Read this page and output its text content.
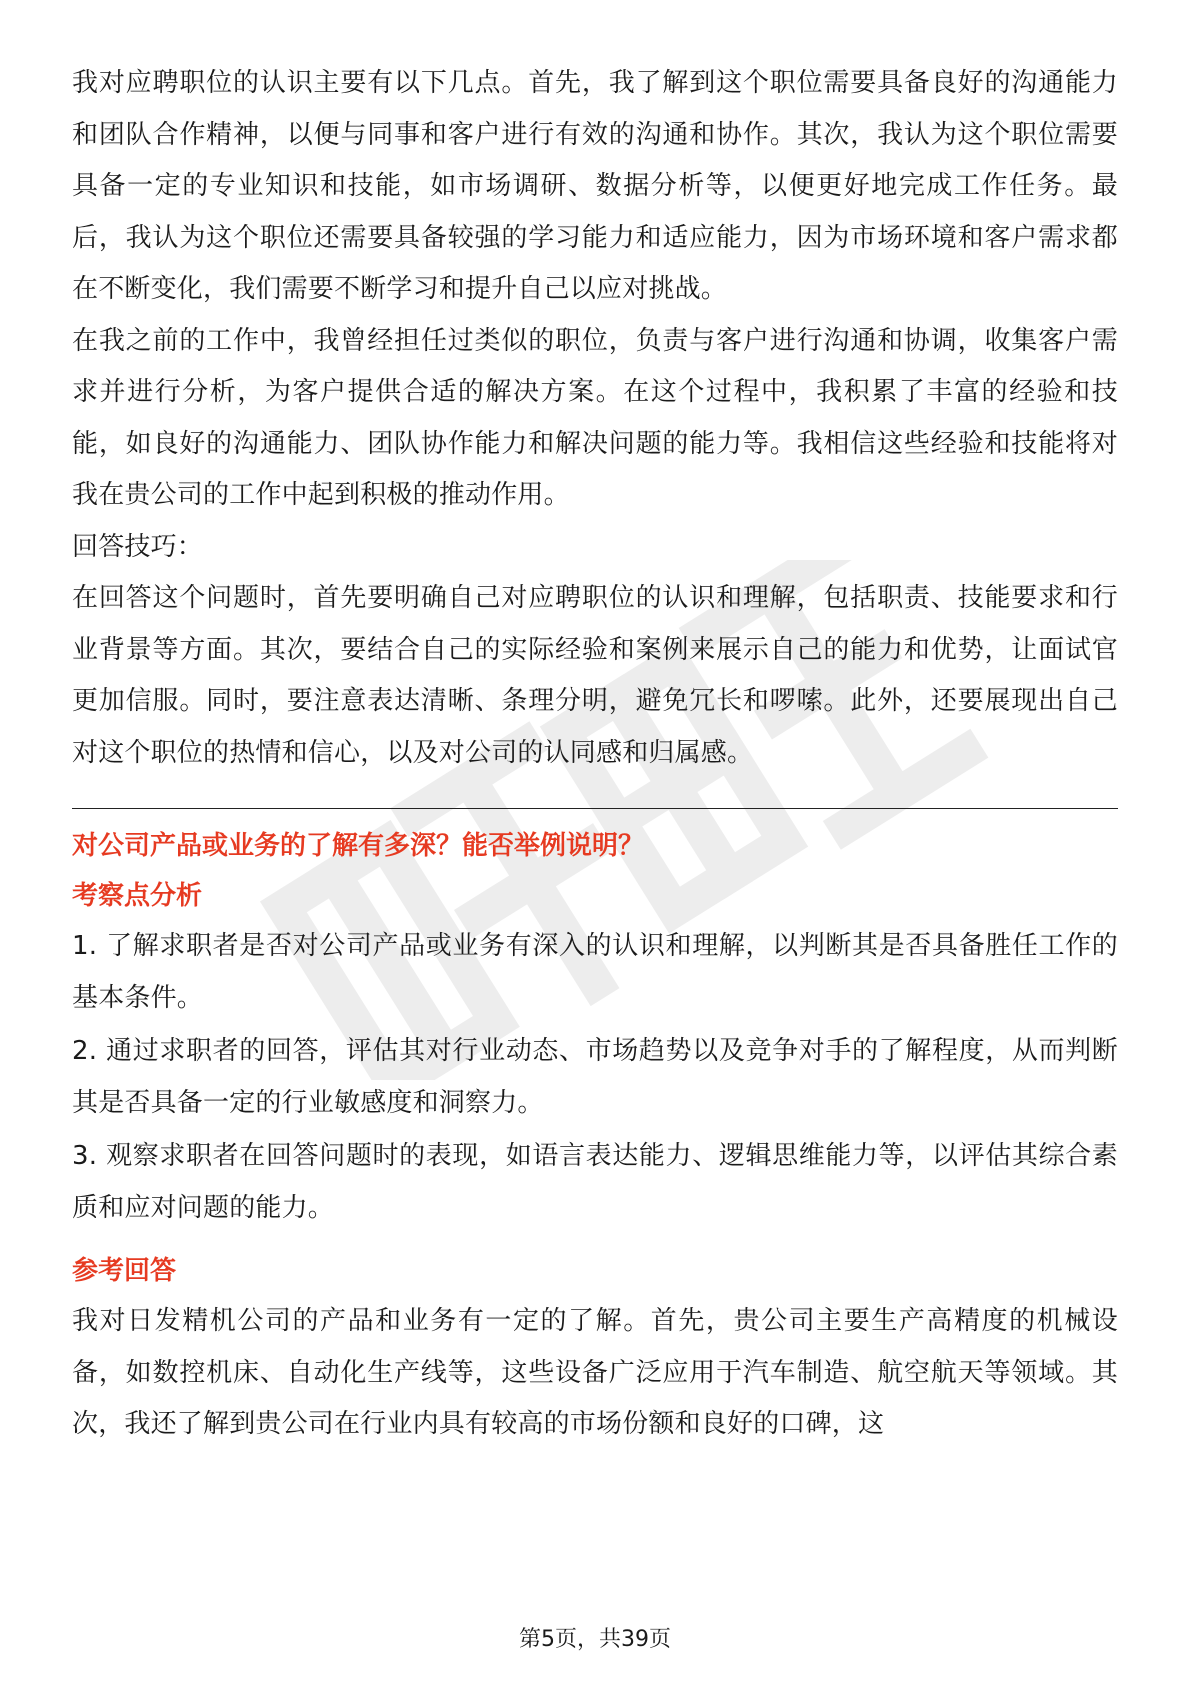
我对应聘职位的认识主要有以下几点。首先，我了解到这个职位需要具备良好的沟通能力和团队合作精神，以便与同事和客户进行有效的沟通和协作。其次，我认为这个职位需要具备一定的专业知识和技能，如市场调研、数据分析等，以便更好地完成工作任务。最后，我认为这个职位还需要具备较强的学习能力和适应能力，因为市场环境和客户需求都在不断变化，我们需要不断学习和提升自己以应对挑战。

在我之前的工作中，我曾经担任过类似的职位，负责与客户进行沟通和协调，收集客户需求并进行分析，为客户提供合适的解决方案。在这个过程中，我积累了丰富的经验和技能，如良好的沟通能力、团队协作能力和解决问题的能力等。我相信这些经验和技能将对我在贵公司的工作中起到积极的推动作用。

回答技巧：

在回答这个问题时，首先要明确自己对应聘职位的认识和理解，包括职责、技能要求和行业背景等方面。其次，要结合自己的实际经验和案例来展示自己的能力和优势，让面试官更加信服。同时，要注意表达清晰、条理分明，避免冗长和啰嗦。此外，还要展现出自己对这个职位的热情和信心，以及对公司的认同感和归属感。

对公司产品或业务的了解有多深？能否举例说明？
考察点分析

1. 了解求职者是否对公司产品或业务有深入的认识和理解，以判断其是否具备胜任工作的基本条件。

2. 通过求职者的回答，评估其对行业动态、市场趋势以及竞争对手的了解程度，从而判断其是否具备一定的行业敏感度和洞察力。

3. 观察求职者在回答问题时的表现，如语言表达能力、逻辑思维能力等，以评估其综合素质和应对问题的能力。

参考回答

我对日发精机公司的产品和业务有一定的了解。首先，贵公司主要生产高精度的机械设备，如数控机床、自动化生产线等，这些设备广泛应用于汽车制造、航空航天等领域。其次，我还了解到贵公司在行业内具有较高的市场份额和良好的口碑，这

第5页，共39页
